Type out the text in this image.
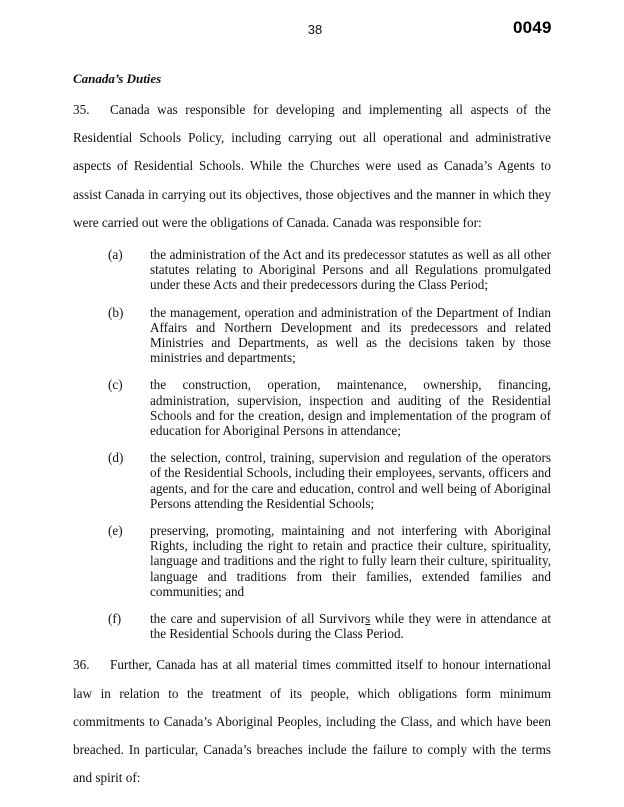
38	0049
Canada’s Duties

35. Canada was responsible for developing and implementing all aspects of the Residential Schools Policy, including carrying out all operational and administrative aspects of Residential Schools. While the Churches were used as Canada’s Agents to assist Canada in carrying out its objectives, those objectives and the manner in which they were carried out were the obligations of Canada. Canada was responsible for:

(a)	the administration of the Act and its predecessor statutes as well as all other statutes relating to Aboriginal Persons and all Regulations promulgated under these Acts and their predecessors during the Class Period;
(b)	the management, operation and administration of the Department of Indian Affairs and Northern Development and its predecessors and related Ministries and Departments, as well as the decisions taken by those ministries and departments;
(c)	the construction, operation, maintenance, ownership, financing, administration, supervision, inspection and auditing of the Residential Schools and for the creation, design and implementation of the program of education for Aboriginal Persons in attendance;
(d)	the selection, control, training, supervision and regulation of the operators of the Residential Schools, including their employees, servants, officers and agents, and for the care and education, control and well being of Aboriginal Persons attending the Residential Schools;
(e)	preserving, promoting, maintaining and not interfering with Aboriginal Rights, including the right to retain and practice their culture, spirituality, language and traditions and the right to fully learn their culture, spirituality, language and traditions from their families, extended families and communities; and
(f)	the care and supervision of all Survivors while they were in attendance at the Residential Schools during the Class Period.

36. Further, Canada has at all material times committed itself to honour international law in relation to the treatment of its people, which obligations form minimum commitments to Canada’s Aboriginal Peoples, including the Class, and which have been breached. In particular, Canada’s breaches include the failure to comply with the terms and spirit of:
